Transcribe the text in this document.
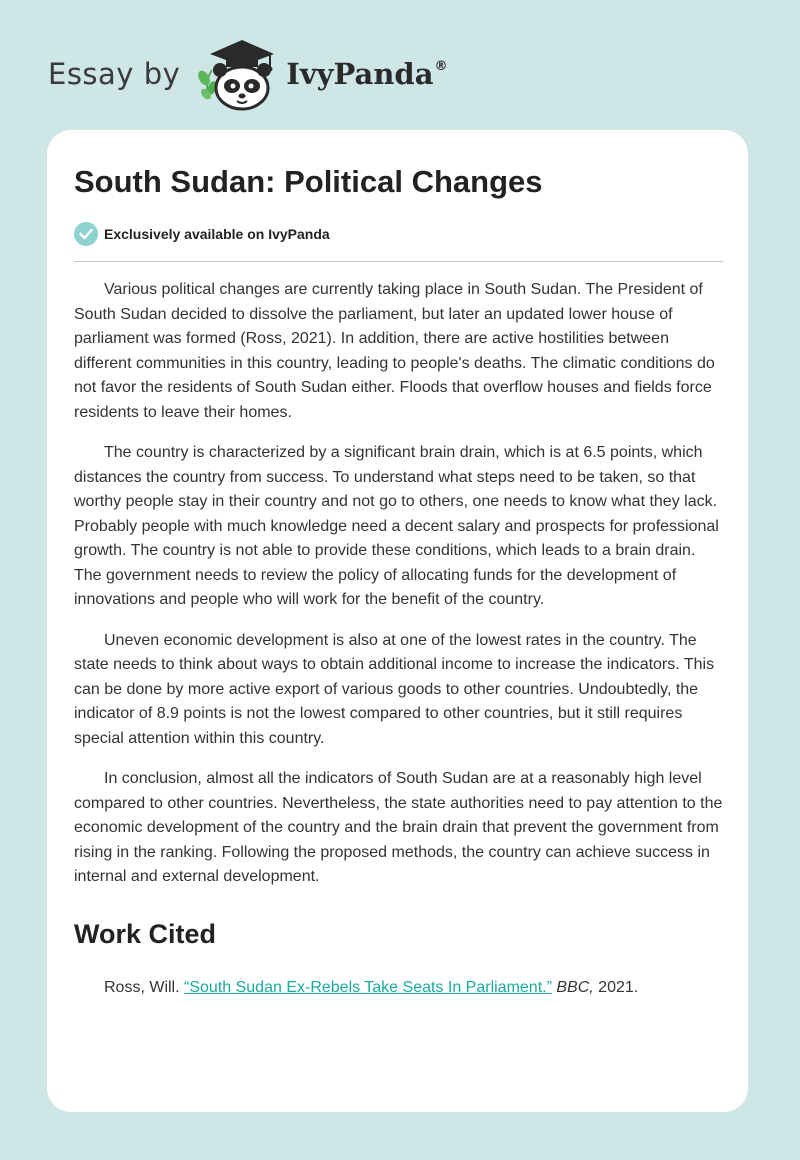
Essay by	IvyPanda®
South Sudan: Political Changes
Exclusively available on IvyPanda

Various political changes are currently taking place in South Sudan. The President of South Sudan decided to dissolve the parliament, but later an updated lower house of parliament was formed (Ross, 2021). In addition, there are active hostilities between different communities in this country, leading to people's deaths. The climatic conditions do not favor the residents of South Sudan either. Floods that overflow houses and fields force residents to leave their homes.

The country is characterized by a significant brain drain, which is at 6.5 points, which distances the country from success. To understand what steps need to be taken, so that worthy people stay in their country and not go to others, one needs to know what they lack. Probably people with much knowledge need a decent salary and prospects for professional growth. The country is not able to provide these conditions, which leads to a brain drain. The government needs to review the policy of allocating funds for the development of innovations and people who will work for the benefit of the country.

Uneven economic development is also at one of the lowest rates in the country. The state needs to think about ways to obtain additional income to increase the indicators. This can be done by more active export of various goods to other countries. Undoubtedly, the indicator of 8.9 points is not the lowest compared to other countries, but it still requires special attention within this country.

In conclusion, almost all the indicators of South Sudan are at a reasonably high level compared to other countries. Nevertheless, the state authorities need to pay attention to the economic development of the country and the brain drain that prevent the government from rising in the ranking. Following the proposed methods, the country can achieve success in internal and external development.

Work Cited

Ross, Will. “South Sudan Ex-Rebels Take Seats In Parliament.” BBC, 2021.
